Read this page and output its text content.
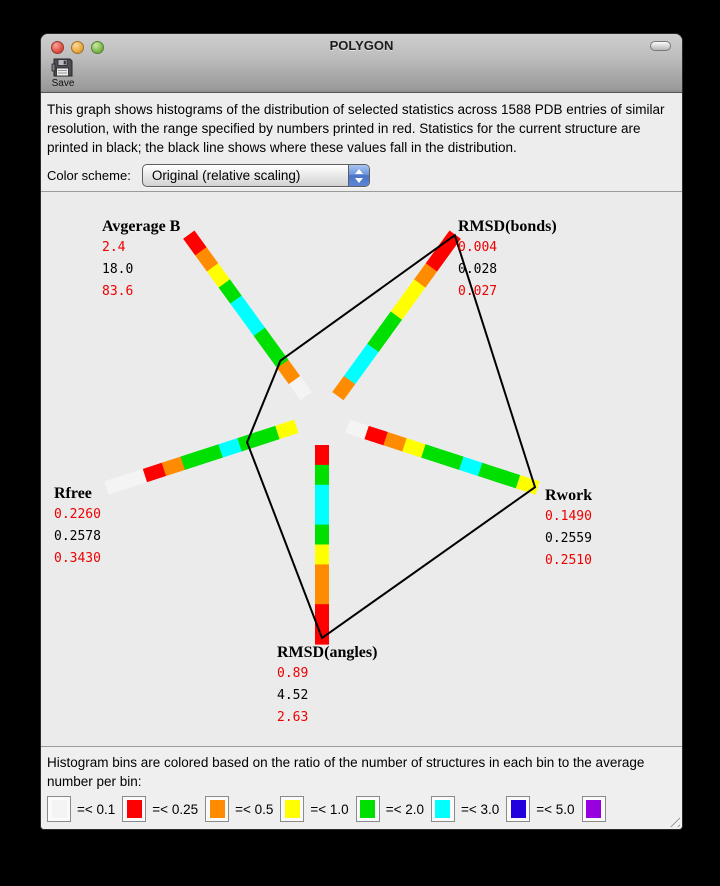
POLYGON
Save
This graph shows histograms of the distribution of selected statistics across 1588 PDB entries of similar resolution, with the range specified by numbers printed in red. Statistics for the current structure are printed in black; the black line shows where these values fall in the distribution.
Color scheme: Original (relative scaling)
Avgerage B
2.4
18.0
83.6
RMSD(bonds)
0.004
0.028
0.027
Rwork
0.1490
0.2559
0.2510
RMSD(angles)
0.89
4.52
2.63
Rfree
0.2260
0.2578
0.3430
Histogram bins are colored based on the ratio of the number of structures in each bin to the average number per bin:
=< 0.1	=< 0.25	=< 0.5	=< 1.0	=< 2.0	=< 3.0	=< 5.0
